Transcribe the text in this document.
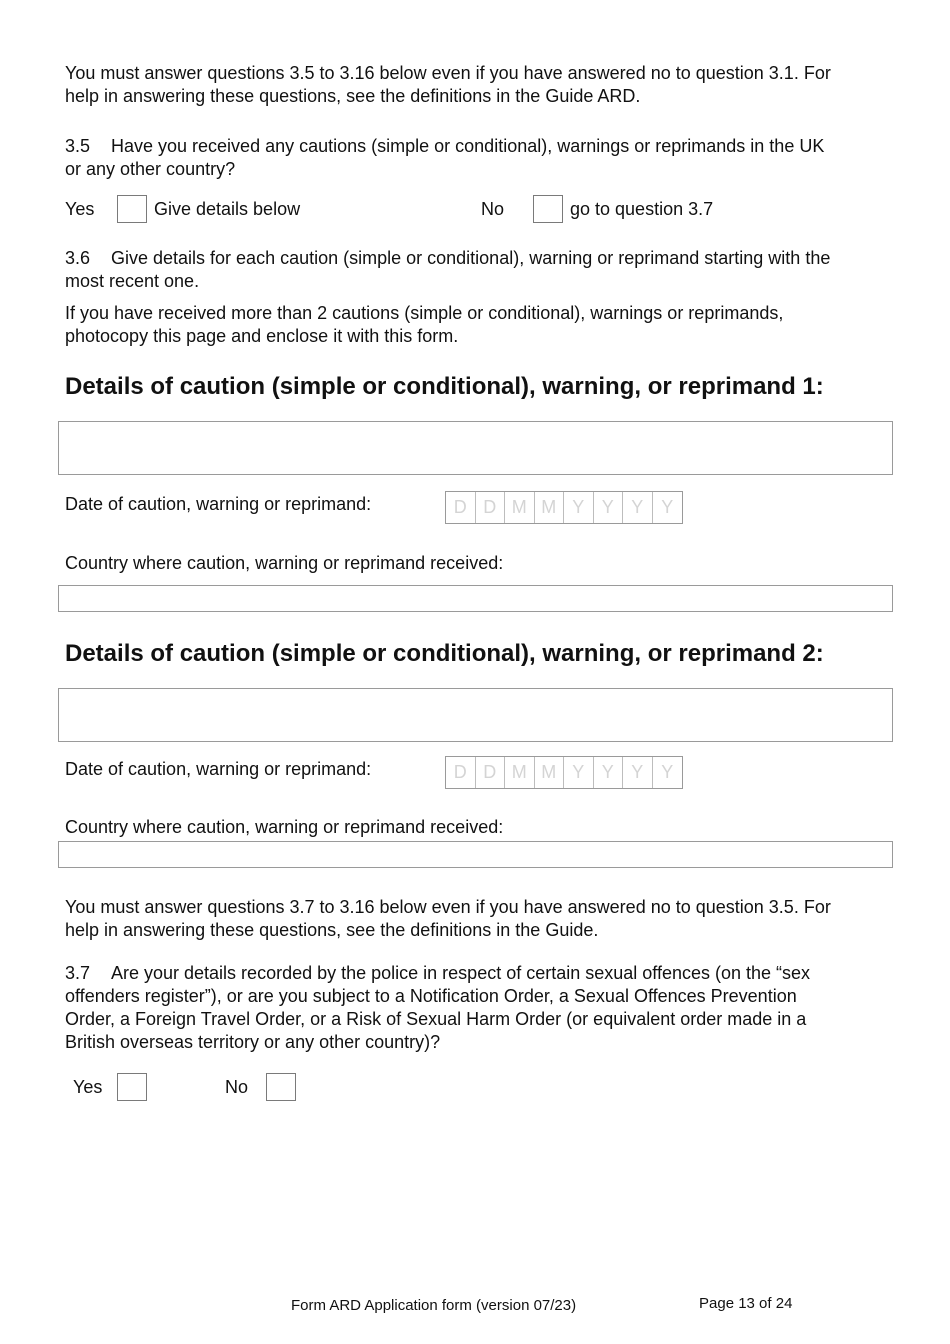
You must answer questions 3.5 to 3.16 below even if you have answered no to question 3.1. For
help in answering these questions, see the definitions in the Guide ARD.

3.5 Have you received any cautions (simple or conditional), warnings or reprimands in the UK
or any other country?

Yes	Give details below	No	go to question 3.7

3.6 Give details for each caution (simple or conditional), warning or reprimand starting with the
most recent one.

If you have received more than 2 cautions (simple or conditional), warnings or reprimands,
photocopy this page and enclose it with this form.

Details of caution (simple or conditional), warning, or reprimand 1:
Date of caution, warning or reprimand:	D D M M Y Y Y Y
Country where caution, warning or reprimand received:
Details of caution (simple or conditional), warning, or reprimand 2:
Date of caution, warning or reprimand:	D D M M Y Y Y Y
Country where caution, warning or reprimand received:

You must answer questions 3.7 to 3.16 below even if you have answered no to question 3.5. For
help in answering these questions, see the definitions in the Guide.

3.7 Are your details recorded by the police in respect of certain sexual offences (on the “sex
offenders register”), or are you subject to a Notification Order, a Sexual Offences Prevention
Order, a Foreign Travel Order, or a Risk of Sexual Harm Order (or equivalent order made in a
British overseas territory or any other country)?

Yes	No
Form ARD Application form (version 07/23)	Page 13 of 24
